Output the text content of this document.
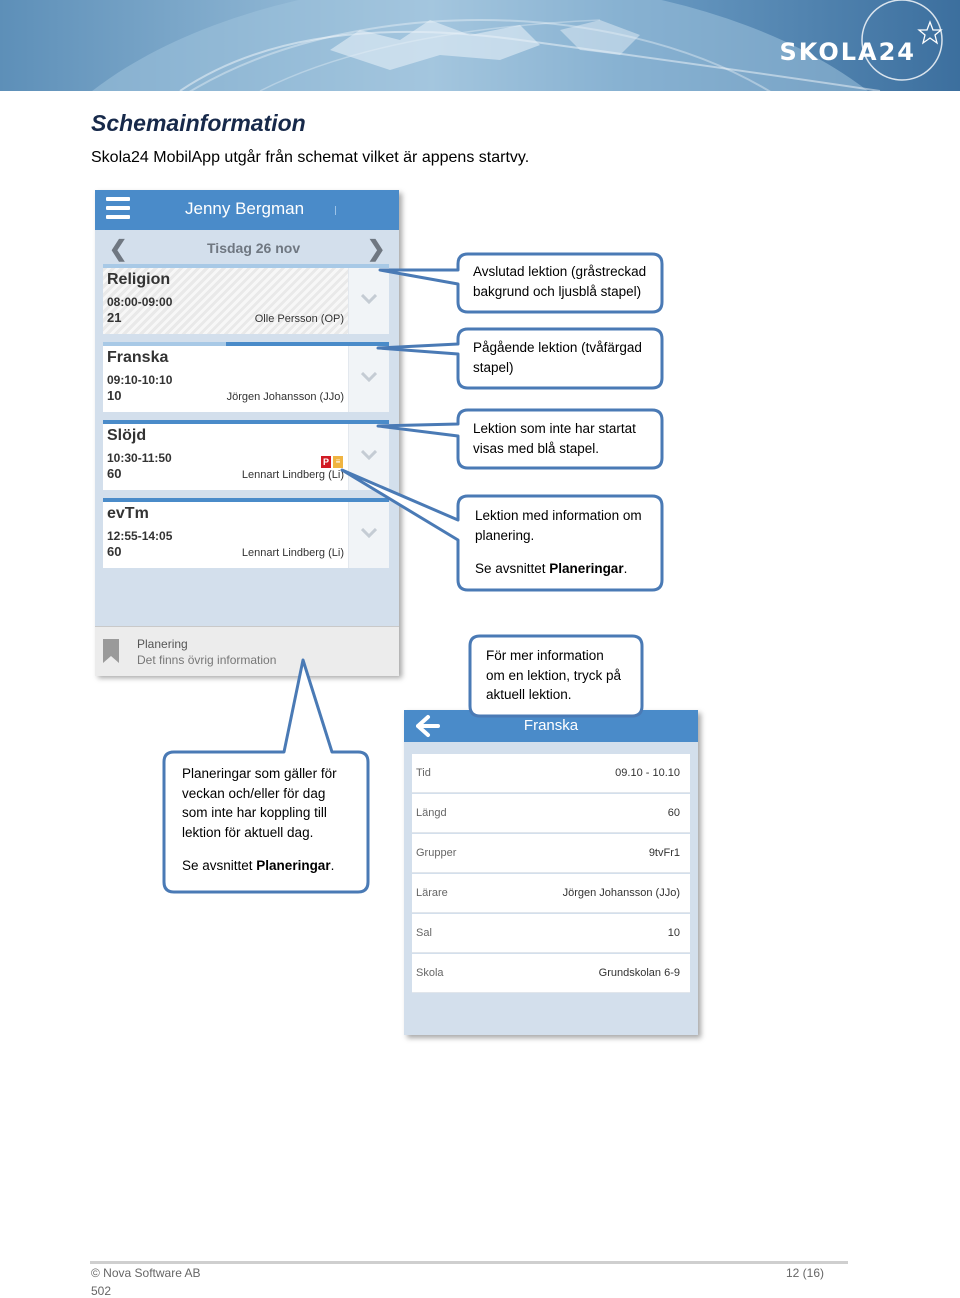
SKOLA24
Schemainformation

Skola24 MobilApp utgår från schemat vilket är appens startvy.

Jenny Bergman
❮	Tisdag 26 nov	❯
Religion
08:00-09:00
21	Olle Persson (OP)
Franska
09:10-10:10
10	Jörgen Johansson (JJo)
Slöjd
10:30-11:50
60	Lennart Lindberg (Li)
P ≡
evTm
12:55-14:05
60	Lennart Lindberg (Li)
Planering
Det finns övrig information
Franska
Tid	09.10 - 10.10
Längd	60
Grupper	9tvFr1
Lärare	Jörgen Johansson (JJo)
Sal	10
Skola	Grundskolan 6-9

Avslutad lektion (gråstreckad

bakgrund och ljusblå stapel)

Pågående lektion (tvåfärgad

stapel)

Lektion som inte har startat

visas med blå stapel.

Lektion med information om

planering.

Se avsnittet Planeringar.

För mer information

om en lektion, tryck på

aktuell lektion.

Planeringar som gäller för

veckan och/eller för dag

som inte har koppling till

lektion för aktuell dag.

Se avsnittet Planeringar.

© Nova Software AB	12 (16)
502
